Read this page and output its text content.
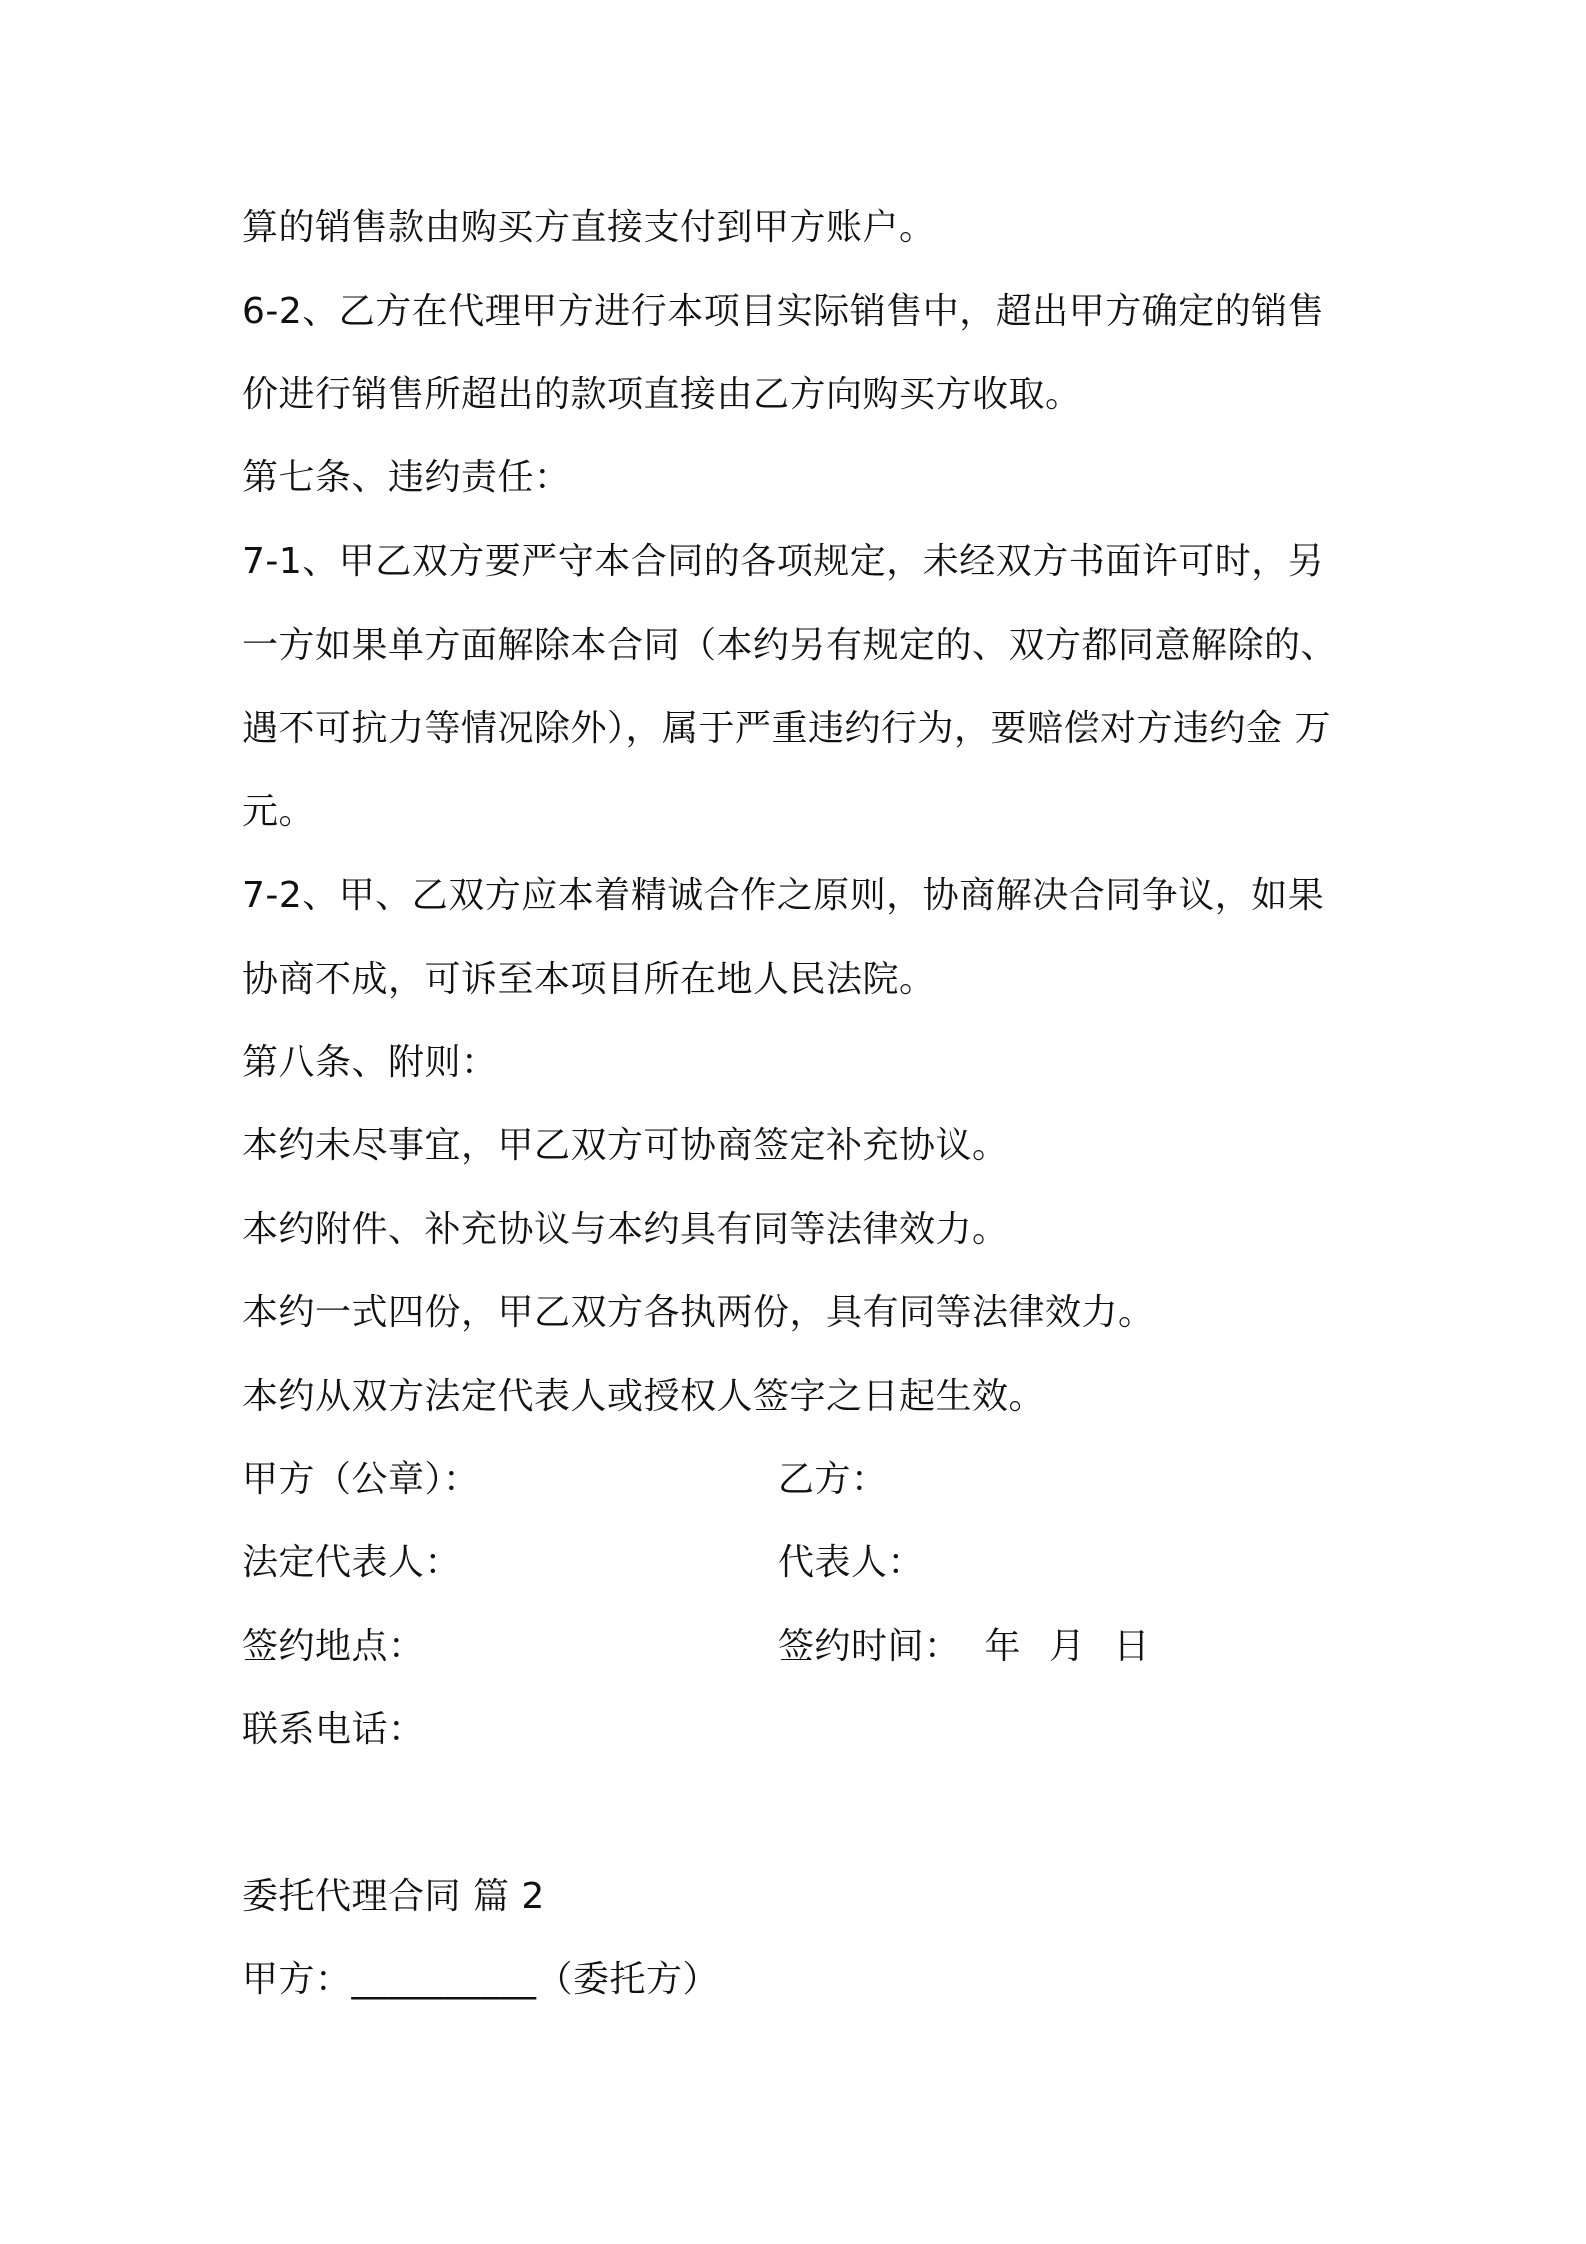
算的销售款由购买方直接支付到甲方账户。
6-2、乙方在代理甲方进行本项目实际销售中，超出甲方确定的销售
价进行销售所超出的款项直接由乙方向购买方收取。
第七条、违约责任：
7-1、甲乙双方要严守本合同的各项规定，未经双方书面许可时，另
一方如果单方面解除本合同（本约另有规定的、双方都同意解除的、
遇不可抗力等情况除外），属于严重违约行为，要赔偿对方违约金 万
元。
7-2、甲、乙双方应本着精诚合作之原则，协商解决合同争议，如果
协商不成，可诉至本项目所在地人民法院。
第八条、附则：
本约未尽事宜，甲乙双方可协商签定补充协议。
本约附件、补充协议与本约具有同等法律效力。
本约一式四份，甲乙双方各执两份，具有同等法律效力。
本约从双方法定代表人或授权人签字之日起生效。
甲方（公章）：	乙方：
法定代表人：	代表人：
签约地点：	签约时间： 年 月 日
联系电话：
委托代理合同 篇 2
甲方：__________（委托方）
